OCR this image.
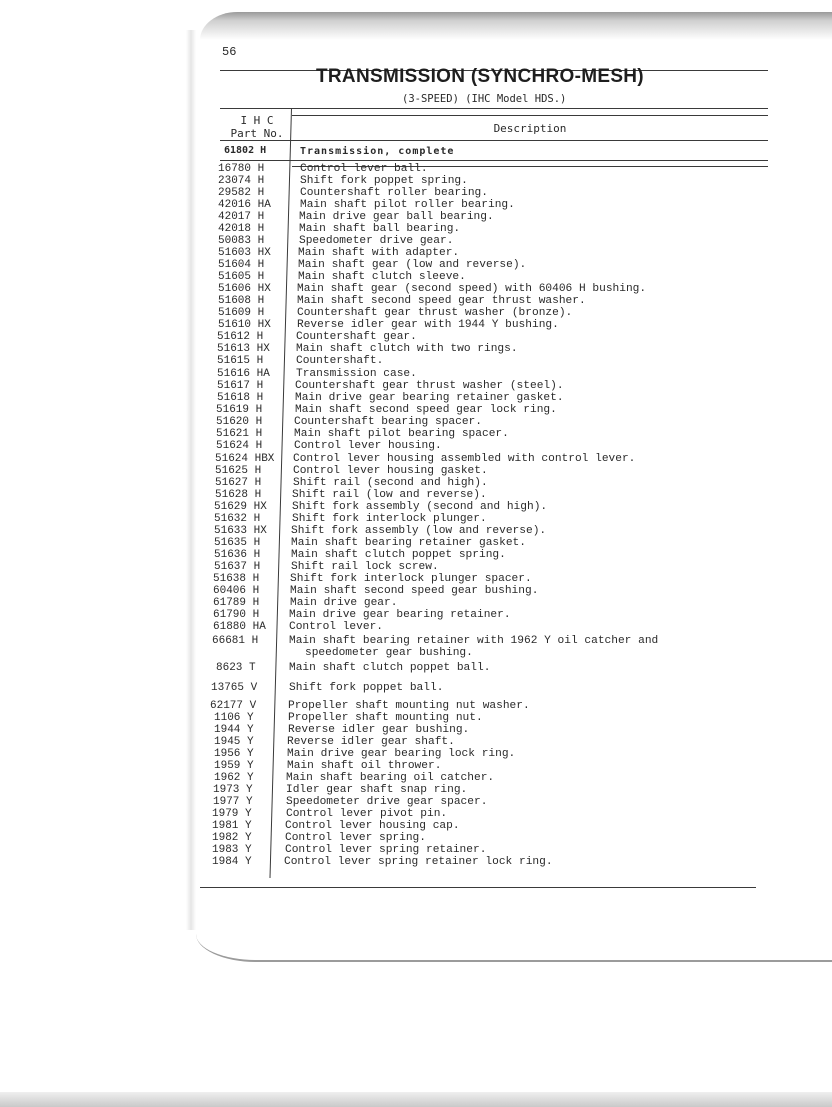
56
TRANSMISSION (SYNCHRO-MESH)
(3-SPEED) (IHC Model HDS.)
I H C
Part No.	Description
61802 H	Transmission, complete
16780 H	Control lever ball.
23074 H	Shift fork poppet spring.
29582 H	Countershaft roller bearing.
42016 HA	Main shaft pilot roller bearing.
42017 H	Main drive gear ball bearing.
42018 H	Main shaft ball bearing.
50083 H	Speedometer drive gear.
51603 HX Main shaft with adapter.
51604 H	Main shaft gear (low and reverse).
51605 H	Main shaft clutch sleeve.
51606 HX Main shaft gear (second speed) with 60406 H bushing.
51608 H	Main shaft second speed gear thrust washer.
51609 H	Countershaft gear thrust washer (bronze).
51610 HX Reverse idler gear with 1944 Y bushing.
51612 H	Countershaft gear.
51613 HX Main shaft clutch with two rings.
51615 H	Countershaft.
51616 HA Transmission case.
51617 H	Countershaft gear thrust washer (steel).
51618 H	Main drive gear bearing retainer gasket.
51619 H	Main shaft second speed gear lock ring.
51620 H	Countershaft bearing spacer.
51621 H	Main shaft pilot bearing spacer.
51624 H	Control lever housing.
51624 HBX Control lever housing assembled with control lever.
51625 H	Control lever housing gasket.
51627 H	Shift rail (second and high).
51628 H	Shift rail (low and reverse).
51629 HX Shift fork assembly (second and high).
51632 H	Shift fork interlock plunger.
51633 HX Shift fork assembly (low and reverse).
51635 H	Main shaft bearing retainer gasket.
51636 H	Main shaft clutch poppet spring.
51637 H	Shift rail lock screw.
51638 H	Shift fork interlock plunger spacer.
60406 H	Main shaft second speed gear bushing.
61789 H	Main drive gear.
61790 H	Main drive gear bearing retainer.
61880 HA Control lever.
66681 H	Main shaft bearing retainer with 1962 Y oil catcher and
speedometer gear bushing.
8623 T	Main shaft clutch poppet ball.
13765 V	Shift fork poppet ball.
62177 V	Propeller shaft mounting nut washer.
1106 Y	Propeller shaft mounting nut.
1944 Y	Reverse idler gear bushing.
1945 Y	Reverse idler gear shaft.
1956 Y	Main drive gear bearing lock ring.
1959 Y	Main shaft oil thrower.
1962 Y	Main shaft bearing oil catcher.
1973 Y	Idler gear shaft snap ring.
1977 Y	Speedometer drive gear spacer.
1979 Y	Control lever pivot pin.
1981 Y	Control lever housing cap.
1982 Y	Control lever spring.
1983 Y	Control lever spring retainer.
1984 Y	Control lever spring retainer lock ring.
